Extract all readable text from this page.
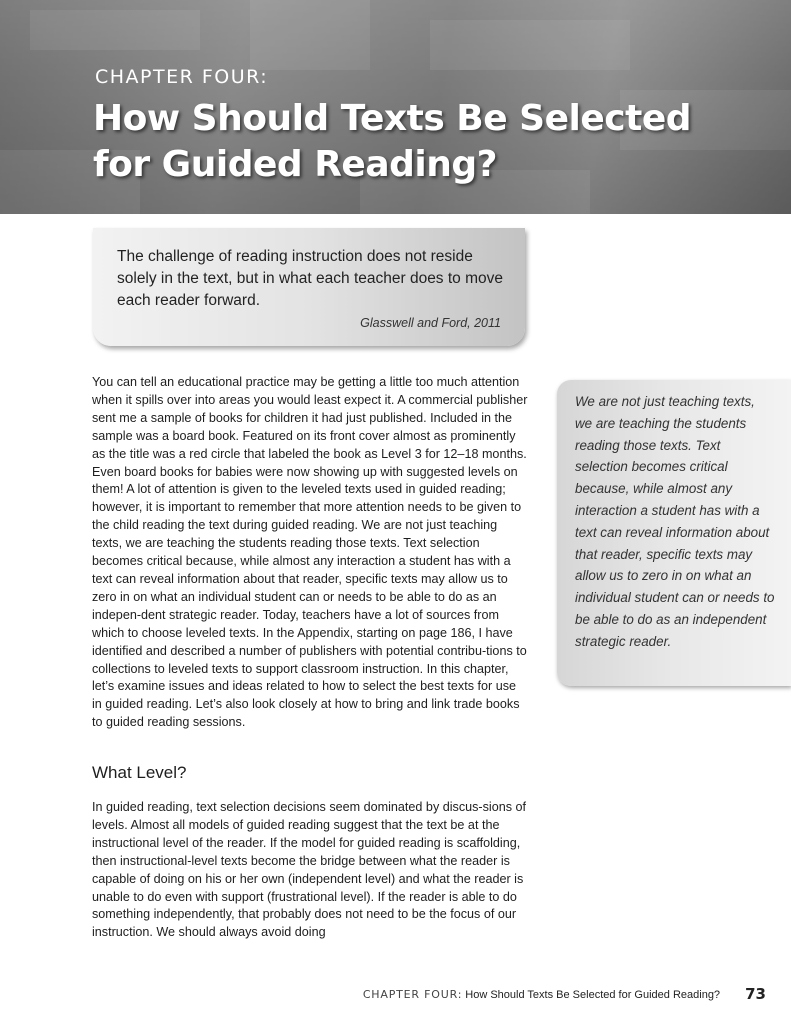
CHAPTER FOUR:
How Should Texts Be Selected for Guided Reading?

The challenge of reading instruction does not reside solely in the text, but in what each teacher does to move each reader forward.

Glasswell and Ford, 2011

You can tell an educational practice may be getting a little too much attention when it spills over into areas you would least expect it. A commercial publisher sent me a sample of books for children it had just published. Included in the sample was a board book. Featured on its front cover almost as prominently as the title was a red circle that labeled the book as Level 3 for 12–18 months. Even board books for babies were now showing up with suggested levels on them! A lot of attention is given to the leveled texts used in guided reading; however, it is important to remember that more attention needs to be given to the child reading the text during guided reading. We are not just teaching texts, we are teaching the students reading those texts. Text selection becomes critical because, while almost any interaction a student has with a text can reveal information about that reader, specific texts may allow us to zero in on what an individual student can or needs to be able to do as an indepen-dent strategic reader. Today, teachers have a lot of sources from which to choose leveled texts. In the Appendix, starting on page 186, I have identified and described a number of publishers with potential contribu-tions to collections to leveled texts to support classroom instruction. In this chapter, let’s examine issues and ideas related to how to select the best texts for use in guided reading. Let’s also look closely at how to bring and link trade books to guided reading sessions.

What Level?

In guided reading, text selection decisions seem dominated by discus-sions of levels. Almost all models of guided reading suggest that the text be at the instructional level of the reader. If the model for guided reading is scaffolding, then instructional-level texts become the bridge between what the reader is capable of doing on his or her own (independent level) and what the reader is unable to do even with support (frustrational level). If the reader is able to do something independently, that probably does not need to be the focus of our instruction. We should always avoid doing

We are not just teaching texts, we are teaching the students reading those texts. Text selection becomes critical because, while almost any interaction a student has with a text can reveal information about that reader, specific texts may allow us to zero in on what an individual student can or needs to be able to do as an independent strategic reader.

CHAPTER FOUR: How Should Texts Be Selected for Guided Reading? 73
